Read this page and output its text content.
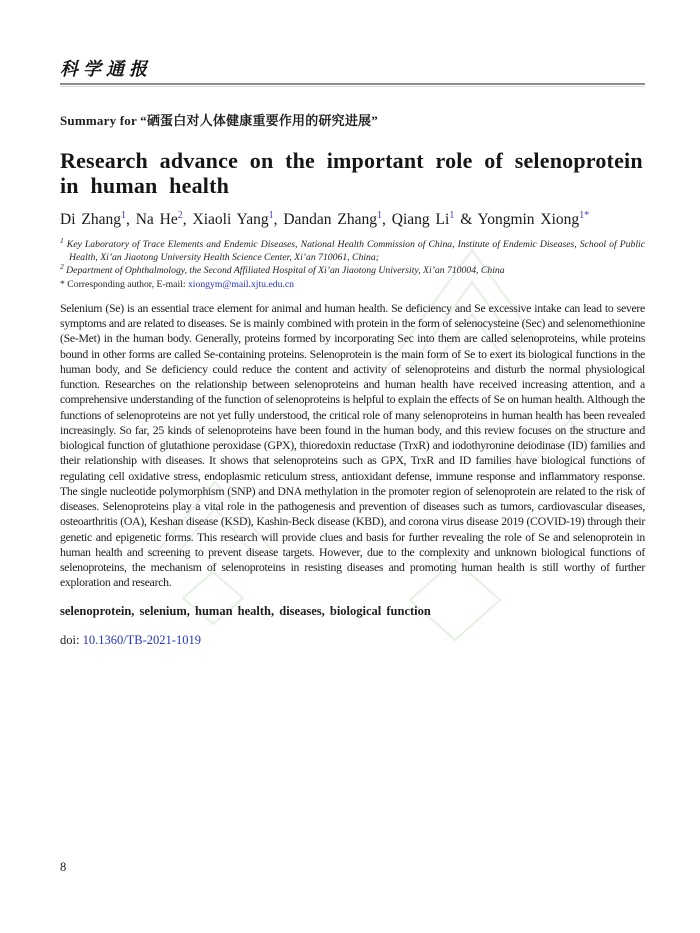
科学通报
Summary for “硒蛋白对人体健康重要作用的研究进展”
Research advance on the important role of selenoprotein
in human health
Di Zhang$^1$, Na He$^2$, Xiaoli Yang$^1$, Dandan Zhang$^1$, Qiang Li$^1$ & Yongmin Xiong$^{1*}$
$^1$ Key Laboratory of Trace Elements and Endemic Diseases, National Health Commission of China, Institute of Endemic Diseases, School of Public Health, Xi’an Jiaotong University Health Science Center, Xi’an 710061, China;
$^2$ Department of Ophthalmology, the Second Affiliated Hospital of Xi’an Jiaotong University, Xi’an 710004, China
* Corresponding author, E-mail: xiongym@mail.xjtu.edu.cn
Selenium (Se) is an essential trace element for animal and human health. Se deficiency and Se excessive intake can lead to severe symptoms and are related to diseases. Se is mainly combined with protein in the form of selenocysteine (Sec) and selenomethionine (Se-Met) in the human body. Generally, proteins formed by incorporating Sec into them are called selenoproteins, while proteins bound in other forms are called Se-containing proteins. Selenoprotein is the main form of Se to exert its biological functions in the human body, and Se deficiency could reduce the content and activity of selenoproteins and disturb the normal physiological function. Researches on the relationship between selenoproteins and human health have received increasing attention, and a comprehensive understanding of the function of selenoproteins is helpful to explain the effects of Se on human health. Although the functions of selenoproteins are not yet fully understood, the critical role of many selenoproteins in human health has been revealed increasingly. So far, 25 kinds of selenoproteins have been found in the human body, and this review focuses on the structure and biological function of glutathione peroxidase (GPX), thioredoxin reductase (TrxR) and iodothyronine deiodinase (ID) families and their relationship with diseases. It shows that selenoproteins such as GPX, TrxR and ID families have biological functions of regulating cell oxidative stress, endoplasmic reticulum stress, antioxidant defense, immune response and inflammatory response. The single nucleotide polymorphism (SNP) and DNA methylation in the promoter region of selenoprotein are related to the risk of diseases. Selenoproteins play a vital role in the pathogenesis and prevention of diseases such as tumors, cardiovascular diseases, osteoarthritis (OA), Keshan disease (KSD), Kashin-Beck disease (KBD), and corona virus disease 2019 (COVID-19) through their genetic and epigenetic forms. This research will provide clues and basis for further revealing the role of Se and selenoprotein in human health and screening to prevent disease targets. However, due to the complexity and unknown biological functions of selenoproteins, the mechanism of selenoproteins in resisting diseases and promoting human health is still worthy of further exploration and research.
selenoprotein, selenium, human health, diseases, biological function
doi: 10.1360/TB-2021-1019
8
